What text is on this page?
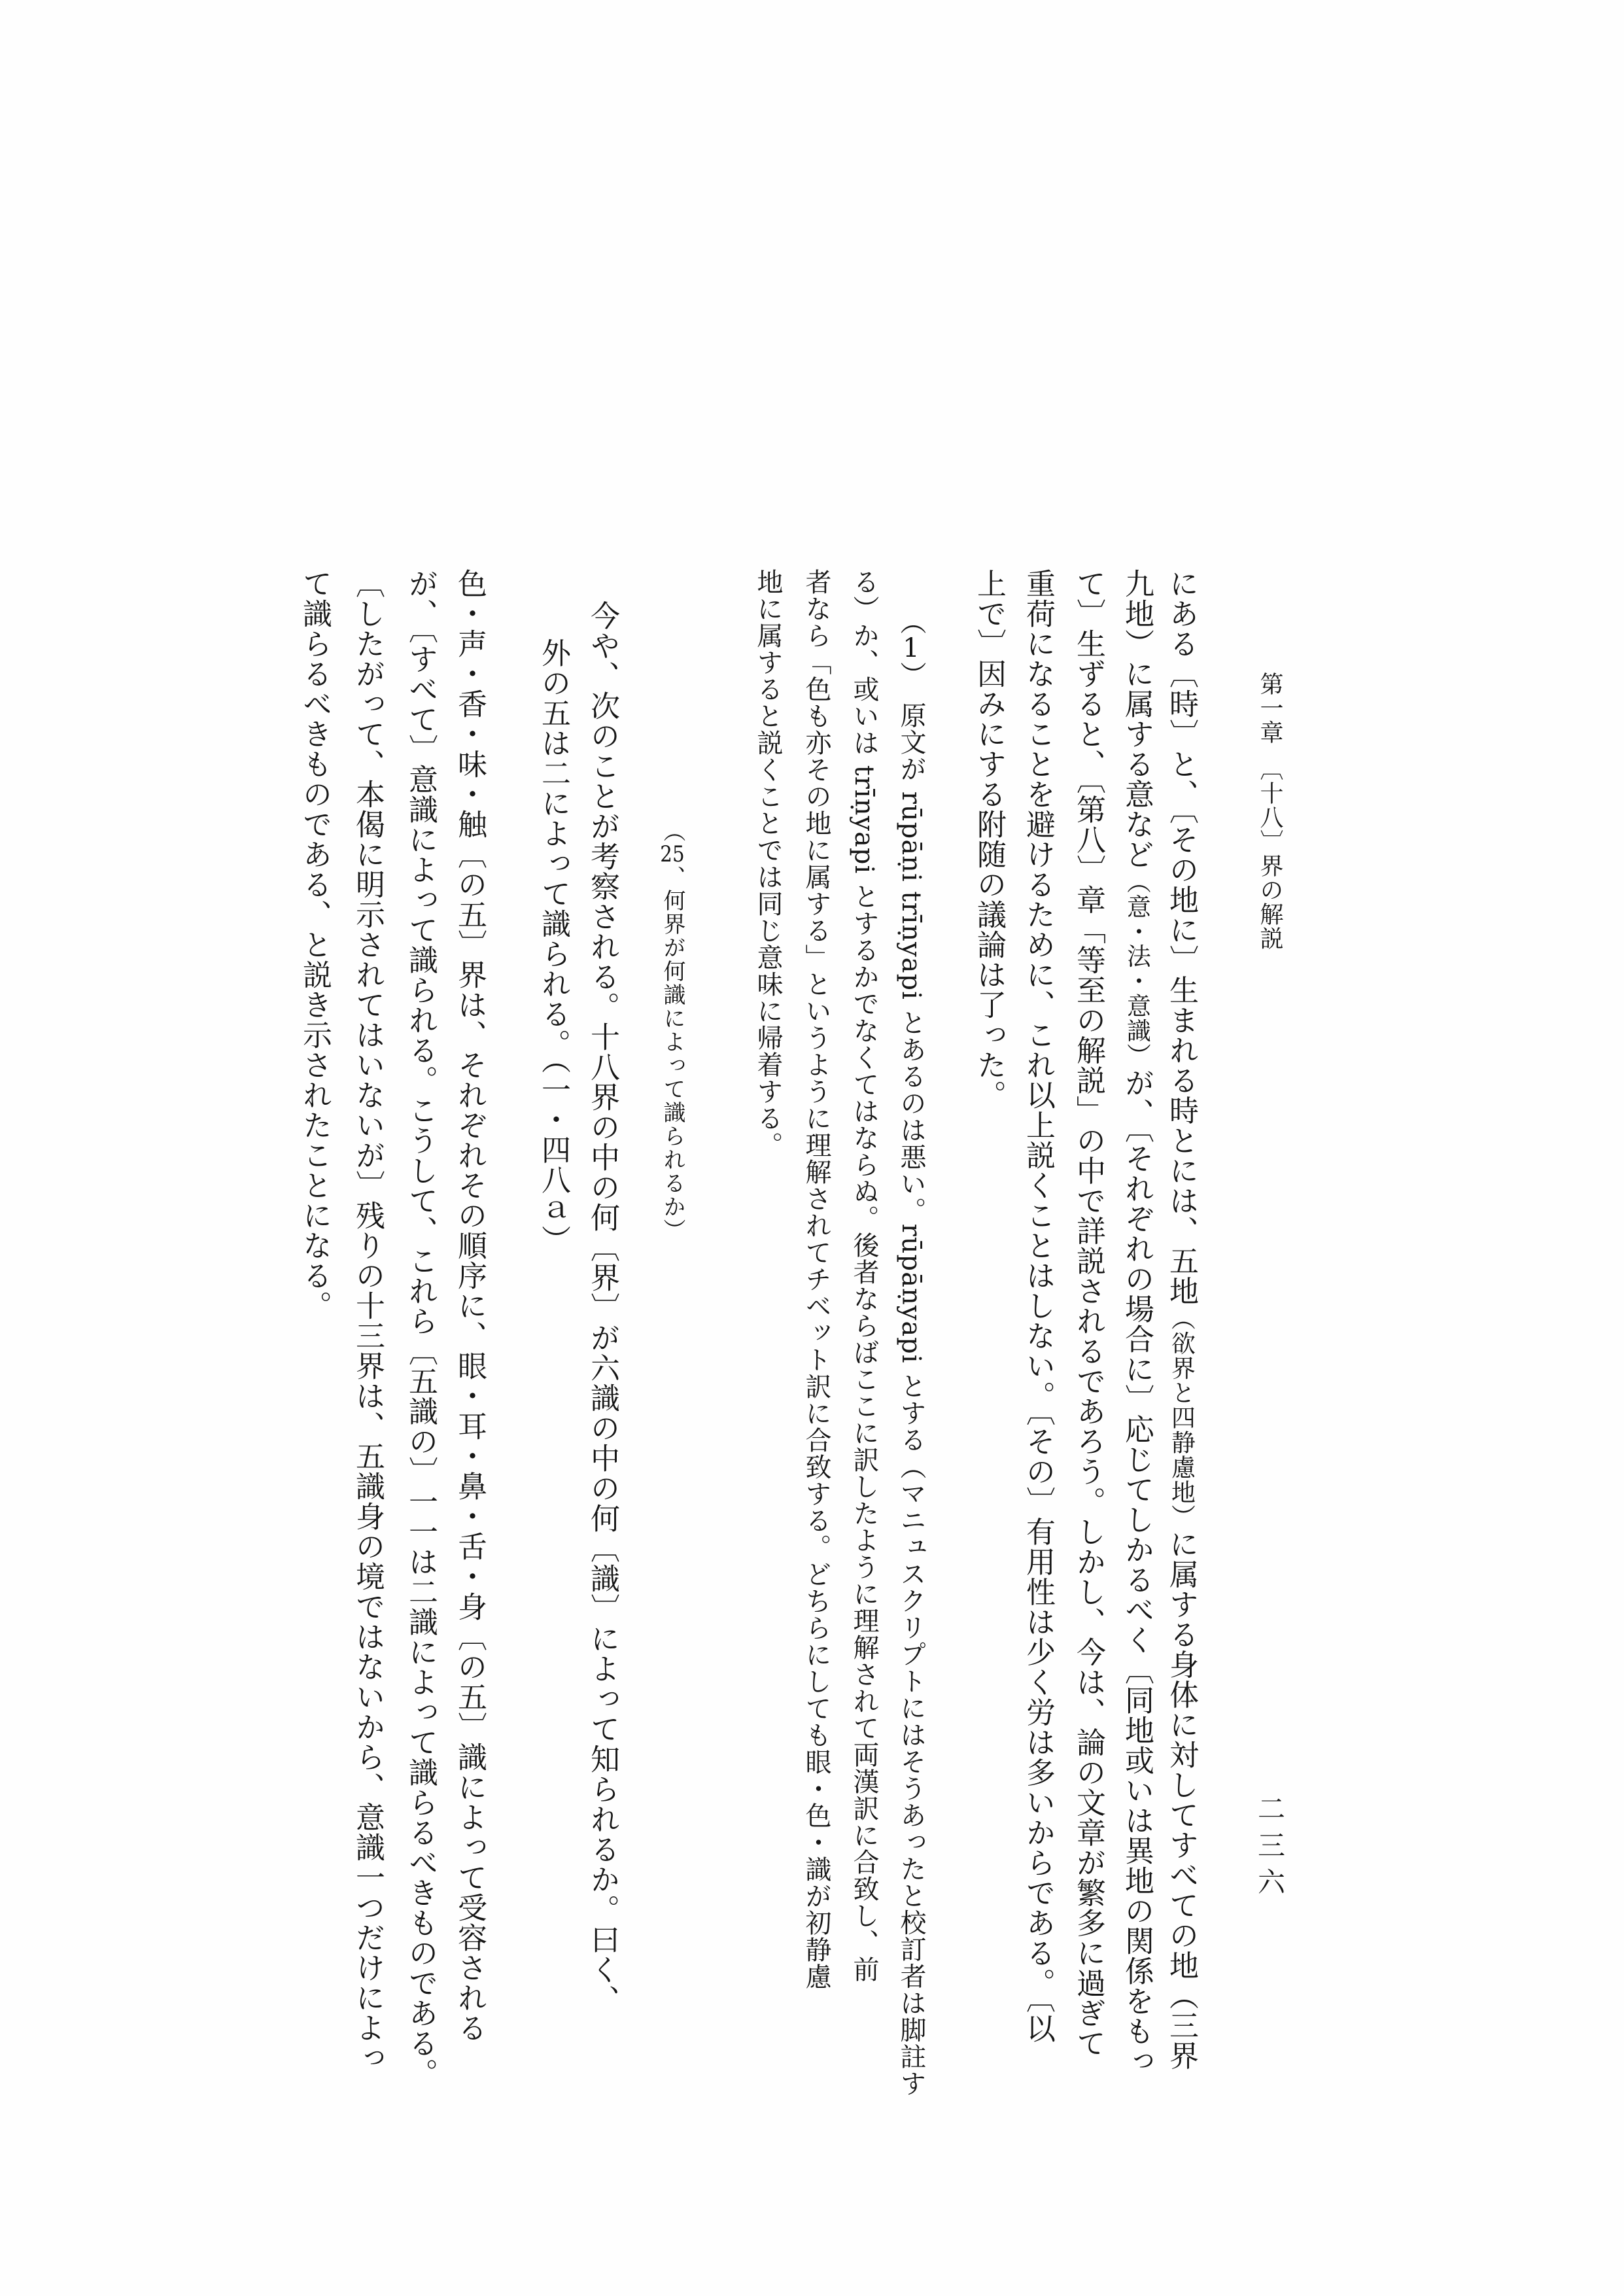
第一章　〔十八〕界の解説
二三六
にある〔時〕と、〔その地に〕生まれる時とには、五地（欲界と四静慮地）に属する身体に対してすべての地（三界
九地）に属する意など（意・法・意識）が、〔それぞれの場合に〕応じてしかるべく〔同地或いは異地の関係をもっ
て〕生ずると、〔第八〕章「等至の解説」の中で詳説されるであろう。しかし、今は、論の文章が繁多に過ぎて
重荷になることを避けるために、これ以上説くことはしない。〔その〕有用性は少く労は多いからである。〔以
上で〕因みにする附随の議論は了った。
（1）　原文が rūpāṇi trīṇyapi とあるのは悪い。rūpāṇyapi とする（マニュスクリプトにはそうあったと校訂者は脚註す
る）か、或いは trīṇyapi とするかでなくてはならぬ。後者ならばここに訳したように理解されて両漢訳に合致し、前
者なら「色も亦その地に属する」というように理解されてチベット訳に合致する。どちらにしても眼・色・識が初静慮
地に属すると説くことでは同じ意味に帰着する。
（25、何界が何識によって識られるか）
今や、次のことが考察される。十八界の中の何〔界〕が六識の中の何〔識〕によって知られるか。曰く、
外の五は二によって識られる。（一・四八ａ）
色・声・香・味・触〔の五〕界は、それぞれその順序に、眼・耳・鼻・舌・身〔の五〕識によって受容される
が、〔すべて〕意識によって識られる。こうして、これら〔五識の〕一一は二識によって識らるべきものである。
〔したがって、本偈に明示されてはいないが〕残りの十三界は、五識身の境ではないから、意識一つだけによっ
て識らるべきものである、と説き示されたことになる。
